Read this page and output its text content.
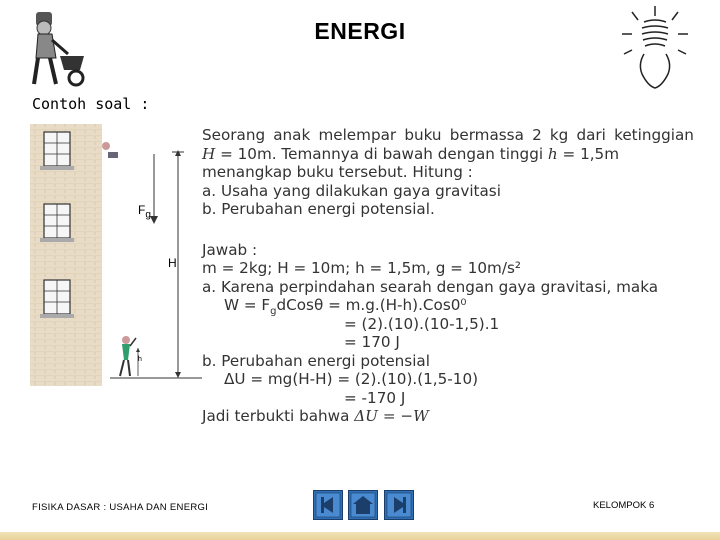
ENERGI
Contoh soal :
$F_g$
H
h
Seorang anak melempar buku bermassa 2 kg dari ketinggian
H = 10m. Temannya di bawah dengan tinggi h = 1,5m
menangkap buku tersebut. Hitung :
a. Usaha yang dilakukan gaya gravitasi
b. Perubahan energi potensial.
Jawab :
m = 2kg; H = 10m; h = 1,5m, g = 10m/s²
a. Karena perpindahan searah dengan gaya gravitasi, maka
$W = F_gdCos\theta = m.g.(H-h).Cos0^0$
= (2).(10).(10-1,5).1
= 170 J
b. Perubahan energi potensial
ΔU = mg(H-H) = (2).(10).(1,5-10)
= -170 J
Jadi terbukti bahwa ΔU = −W
FISIKA DASAR : USAHA DAN ENERGI	KELOMPOK 6
